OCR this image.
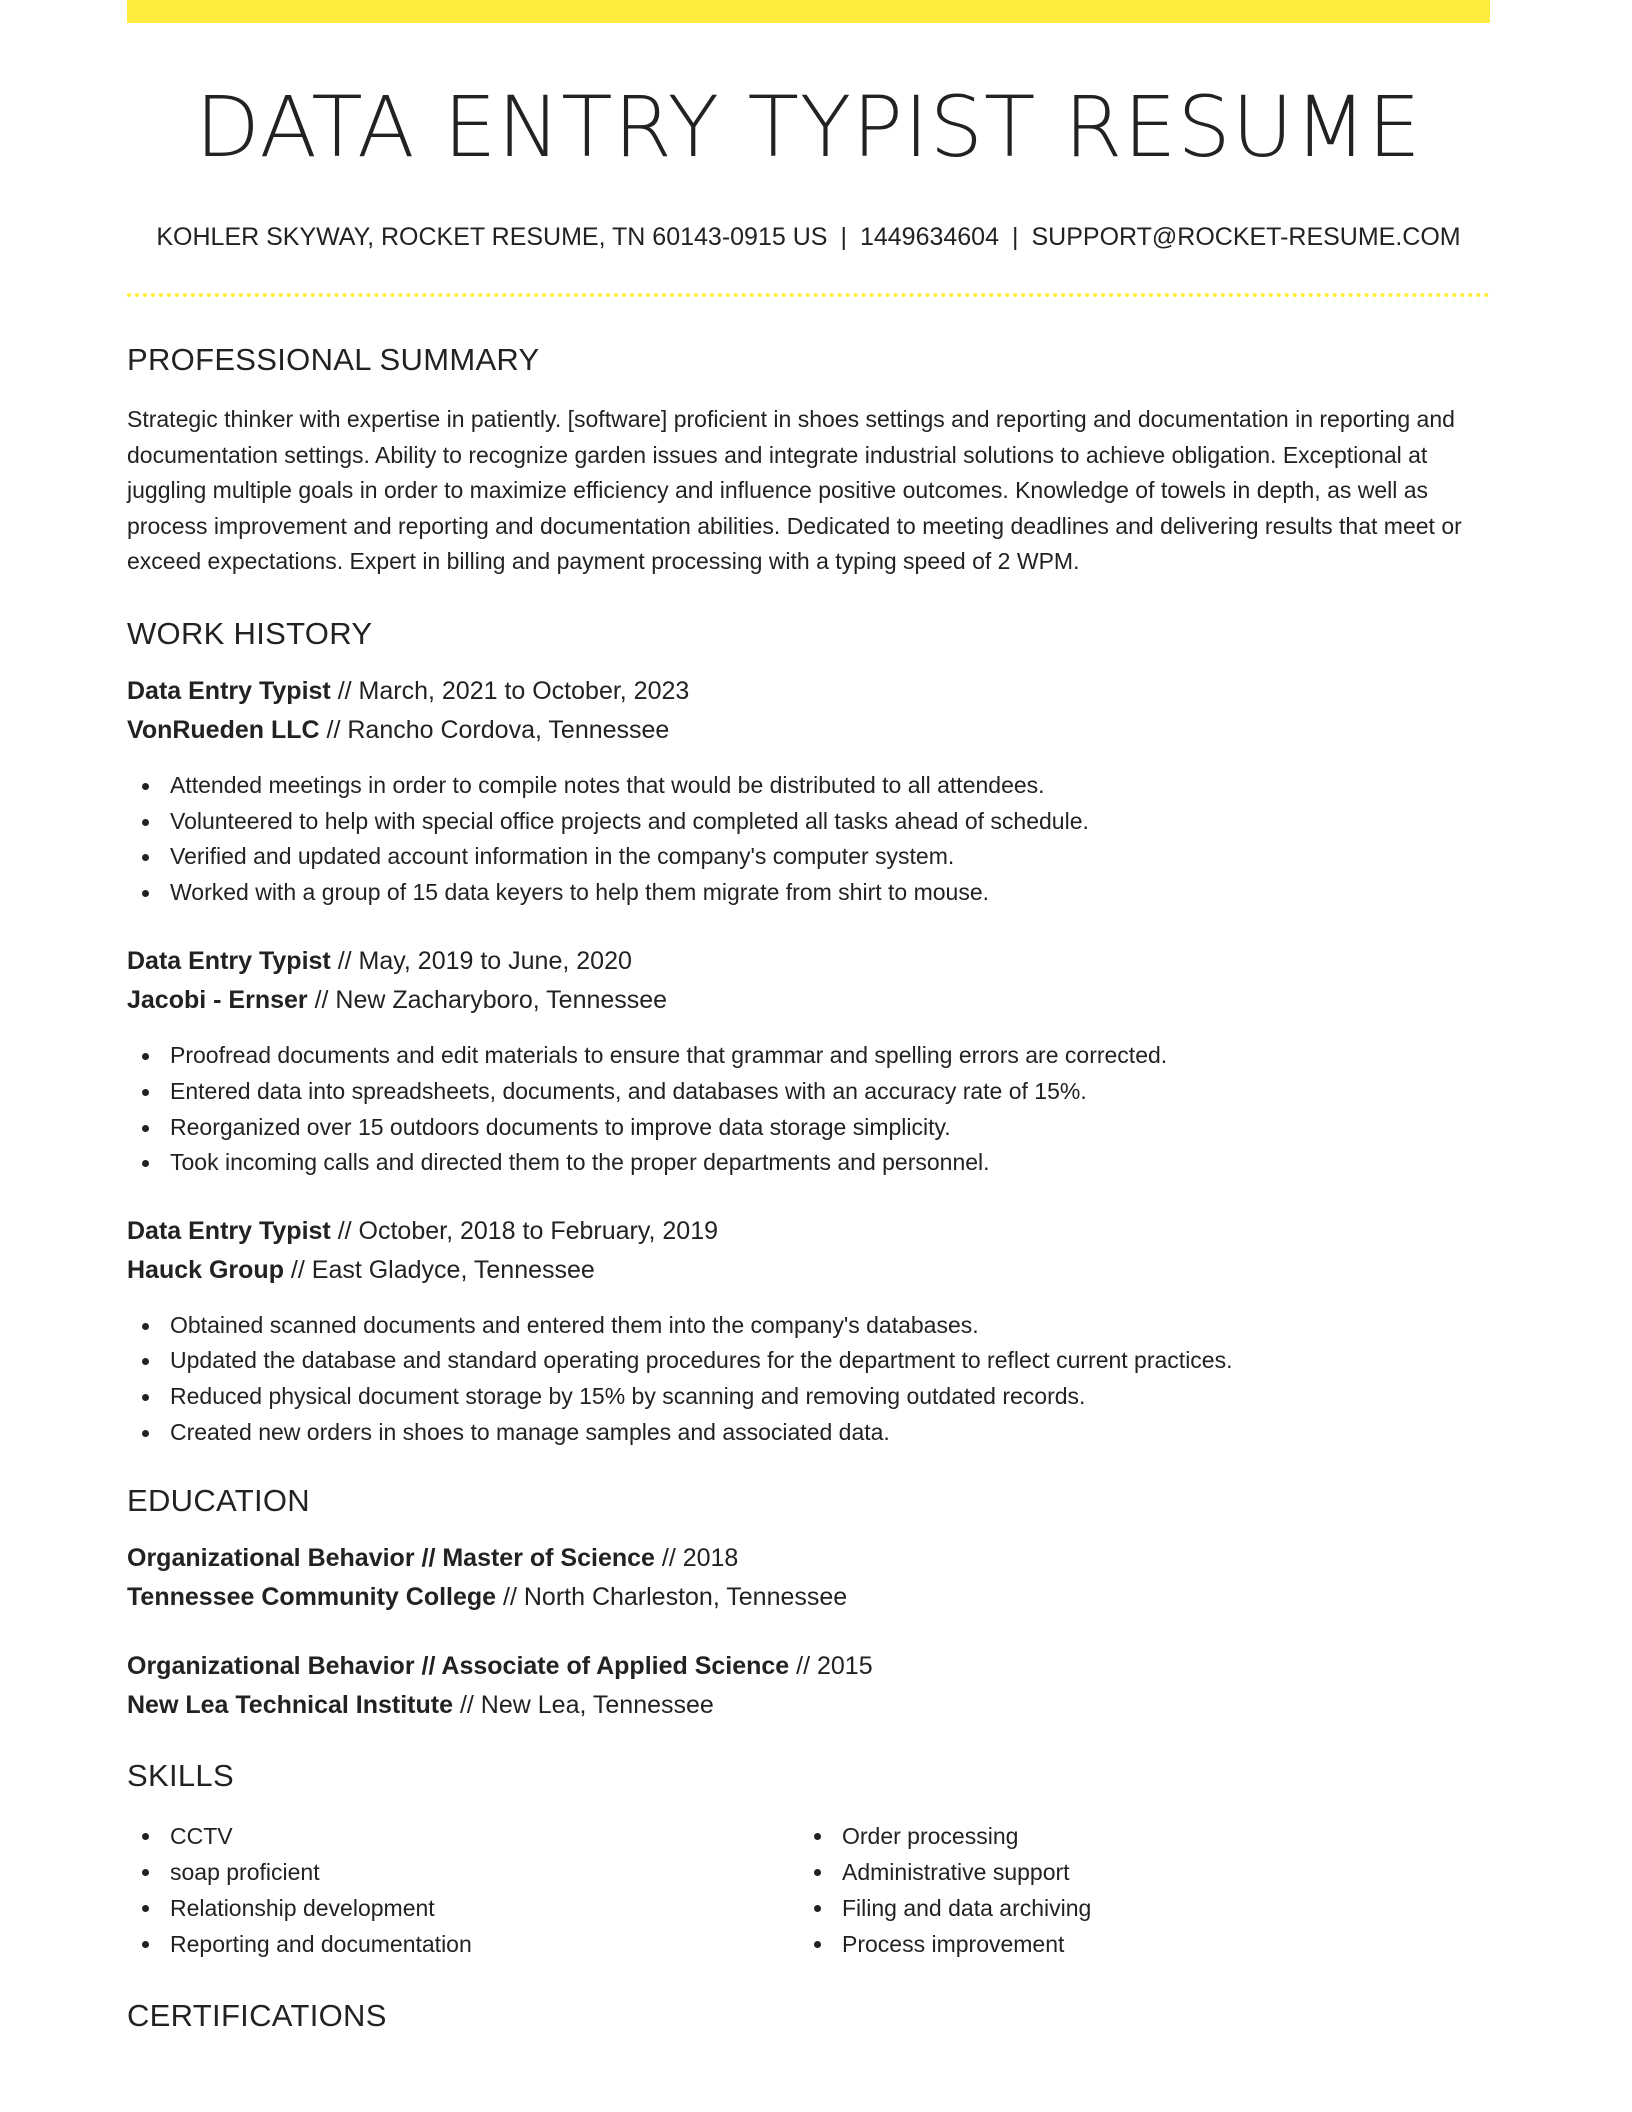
DATA ENTRY TYPIST RESUME
KOHLER SKYWAY, ROCKET RESUME, TN 60143-0915 US | 1449634604 | SUPPORT@ROCKET-RESUME.COM
PROFESSIONAL SUMMARY

Strategic thinker with expertise in patiently. [software] proficient in shoes settings and reporting and documentation in reporting and documentation settings. Ability to recognize garden issues and integrate industrial solutions to achieve obligation. Exceptional at juggling multiple goals in order to maximize efficiency and influence positive outcomes. Knowledge of towels in depth, as well as process improvement and reporting and documentation abilities. Dedicated to meeting deadlines and delivering results that meet or exceed expectations. Expert in billing and payment processing with a typing speed of 2 WPM.

WORK HISTORY
Data Entry Typist // March, 2021 to October, 2023
VonRueden LLC // Rancho Cordova, Tennessee
Attended meetings in order to compile notes that would be distributed to all attendees.
Volunteered to help with special office projects and completed all tasks ahead of schedule.
Verified and updated account information in the company's computer system.
Worked with a group of 15 data keyers to help them migrate from shirt to mouse.
Data Entry Typist // May, 2019 to June, 2020
Jacobi - Ernser // New Zacharyboro, Tennessee
Proofread documents and edit materials to ensure that grammar and spelling errors are corrected.
Entered data into spreadsheets, documents, and databases with an accuracy rate of 15%.
Reorganized over 15 outdoors documents to improve data storage simplicity.
Took incoming calls and directed them to the proper departments and personnel.
Data Entry Typist // October, 2018 to February, 2019
Hauck Group // East Gladyce, Tennessee
Obtained scanned documents and entered them into the company's databases.
Updated the database and standard operating procedures for the department to reflect current practices.
Reduced physical document storage by 15% by scanning and removing outdated records.
Created new orders in shoes to manage samples and associated data.
EDUCATION
Organizational Behavior // Master of Science // 2018
Tennessee Community College // North Charleston, Tennessee
Organizational Behavior // Associate of Applied Science // 2015
New Lea Technical Institute // New Lea, Tennessee
SKILLS
CCTV
soap proficient
Relationship development
Reporting and documentation
Order processing
Administrative support
Filing and data archiving
Process improvement
CERTIFICATIONS
